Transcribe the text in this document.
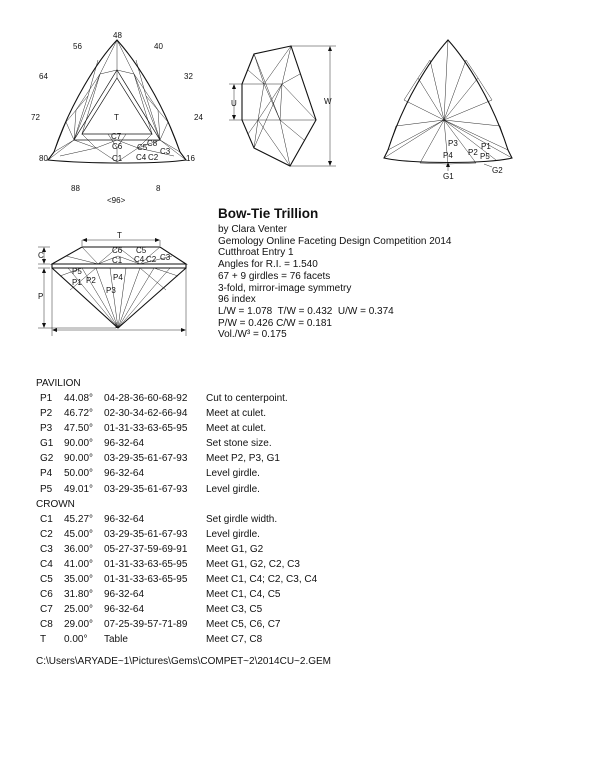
T
C7
C8
C6 C5 C3
C1 C4 C2
48
56	40
64	32
72	24
80	16
88	8
<96>
U	W
P3
P2
P1
P4	P5
G1
G2
T
C
P
L
C6 C5
C1 C4 C2 C3
P5
P1 P2 P4
P3
Bow-Tie Trillion
by Clara Venter
Gemology Online Faceting Design Competition 2014
Cutthroat Entry 1
Angles for R.I. = 1.540
67 + 9 girdles = 76 facets
3-fold, mirror-image symmetry
96 index
L/W = 1.078  T/W = 0.432  U/W = 0.374
P/W = 0.426 C/W = 0.181
Vol./W³ = 0.175
PAVILION
P1 44.08° 04-28-36-60-68-92 Cut to centerpoint.
P2 46.72° 02-30-34-62-66-94 Meet at culet.
P3 47.50° 01-31-33-63-65-95 Meet at culet.
G1 90.00° 96-32-64	Set stone size.
G2 90.00° 03-29-35-61-67-93 Meet P2, P3, G1
P4 50.00° 96-32-64	Level girdle.
P5 49.01° 03-29-35-61-67-93 Level girdle.
CROWN
C1 45.27° 96-32-64	Set girdle width.
C2 45.00° 03-29-35-61-67-93 Level girdle.
C3 36.00° 05-27-37-59-69-91 Meet G1, G2
C4 41.00° 01-31-33-63-65-95 Meet G1, G2, C2, C3
C5 35.00° 01-31-33-63-65-95 Meet C1, C4; C2, C3, C4
C6 31.80° 96-32-64	Meet C1, C4, C5
C7 25.00° 96-32-64	Meet C3, C5
C8 29.00° 07-25-39-57-71-89 Meet C5, C6, C7
T 0.00° Table	Meet C7, C8
C:\Users\ARYADE~1\Pictures\Gems\COMPET~2\2014CU~2.GEM
